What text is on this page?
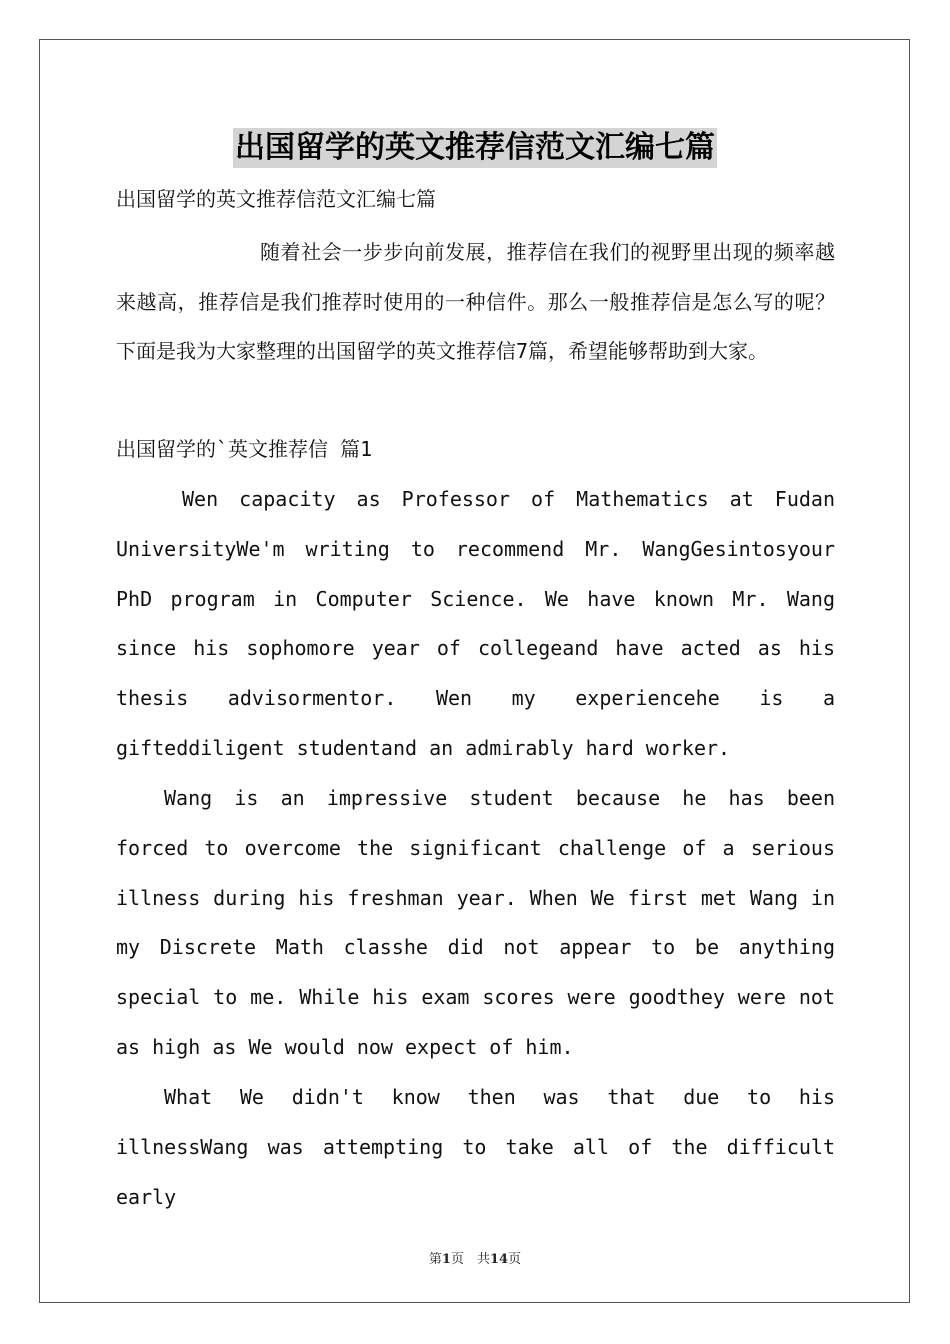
出国留学的英文推荐信范文汇编七篇
出国留学的英文推荐信范文汇编七篇
随着社会一步步向前发展，推荐信在我们的视野里出现的频率越来越高，推荐信是我们推荐时使用的一种信件。那么一般推荐信是怎么写的呢？下面是我为大家整理的出国留学的英文推荐信7篇，希望能够帮助到大家。
出国留学的`英文推荐信 篇1
Wen capacity as Professor of Mathematics at Fudan UniversityWe'm writing to recommend Mr. WangGesintosyour PhD program in Computer Science. We have known Mr. Wang since his sophomore year of collegeand have acted as his thesis advisormentor. Wen my experiencehe is a gifteddiligent studentand an admirably hard worker.
Wang is an impressive student because he has been forced to overcome the significant challenge of a serious illness during his freshman year. When We first met Wang in my Discrete Math classhe did not appear to be anything special to me. While his exam scores were goodthey were not as high as We would now expect of him.
What We didn't know then was that due to his illnessWang was attempting to take all of the difficult early
第1页　共14页
